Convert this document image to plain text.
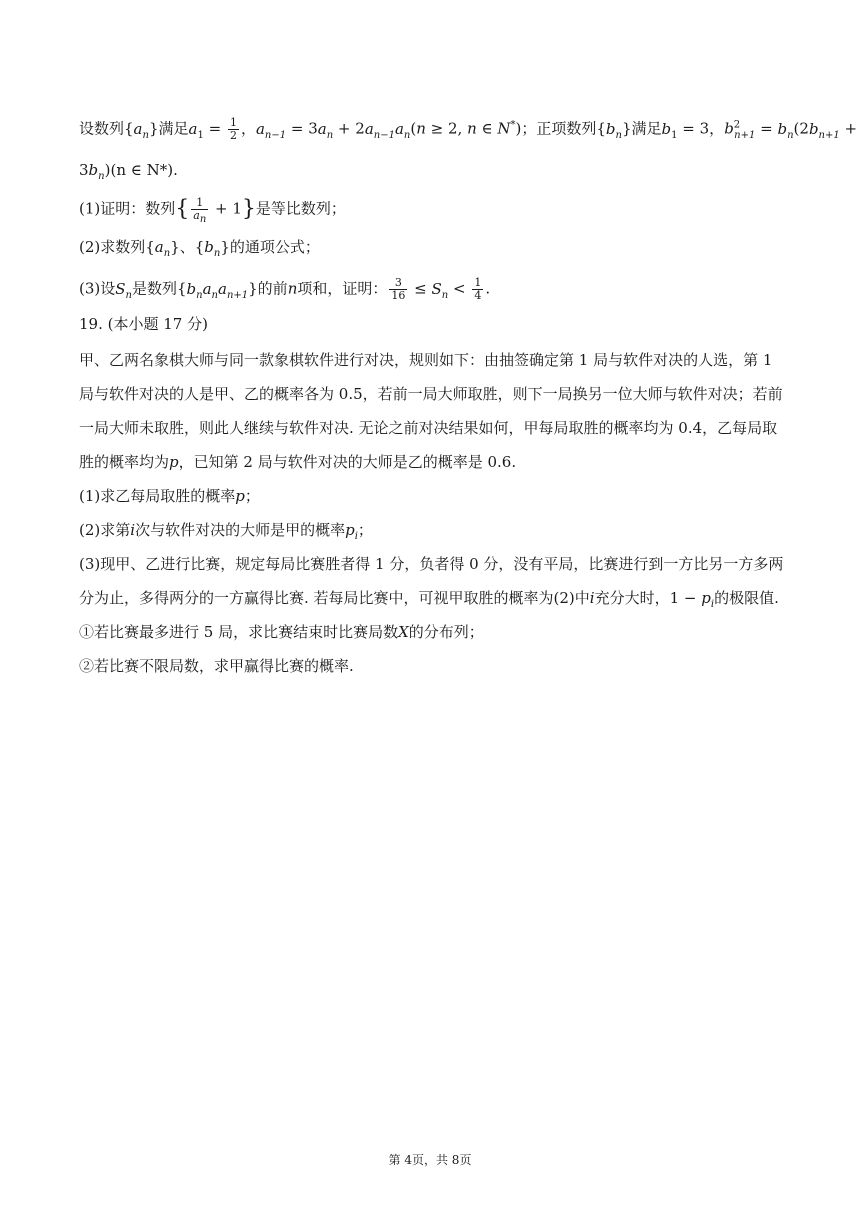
设数列$\{a_n\}$满足$a_1 = \frac{1}{2}$ ，$a_{n-1} = 3a_n + 2a_{n-1}a_n(n \ge 2$, n ∈ N*)；正项数列$\{b_n\}$满足$b_1 = 3$，$b^2_{n+1} = b_n(2b_{n+1}$ +
$3b_n)(n$ ∈ N*).
(1)证明：数列{ $\frac{1}{a_n} + 1$}是等比数列；
(2)求数列$\{a_n\}$、$\{b_n\}$的通项公式；
(3)设$S_n$是数列$\{b_na_na_{n+1}\}$的前n项和，证明： $\frac{3}{16} \le S_n < \frac{1}{4}$ .
19. (本小题 17 分)
甲、乙两名象棋大师与同一款象棋软件进行对决，规则如下：由抽签确定第 1 局与软件对决的人选，第 1
局与软件对决的人是甲、乙的概率各为 0.5，若前一局大师取胜，则下一局换另一位大师与软件对决；若前
一局大师未取胜，则此人继续与软件对决. 无论之前对决结果如何，甲每局取胜的概率均为 0.4，乙每局取
胜的概率均为p，已知第 2 局与软件对决的大师是乙的概率是 0.6.
(1)求乙每局取胜的概率p；
(2)求第i次与软件对决的大师是甲的概率$p_i$；
(3)现甲、乙进行比赛，规定每局比赛胜者得 1 分，负者得 0 分，没有平局，比赛进行到一方比另一方多两
分为止，多得两分的一方赢得比赛. 若每局比赛中，可视甲取胜的概率为(2)中i充分大时，$1 - p_i$的极限值.
①若比赛最多进行 5 局，求比赛结束时比赛局数X的分布列；
②若比赛不限局数，求甲赢得比赛的概率.
第 4页，共 8页
